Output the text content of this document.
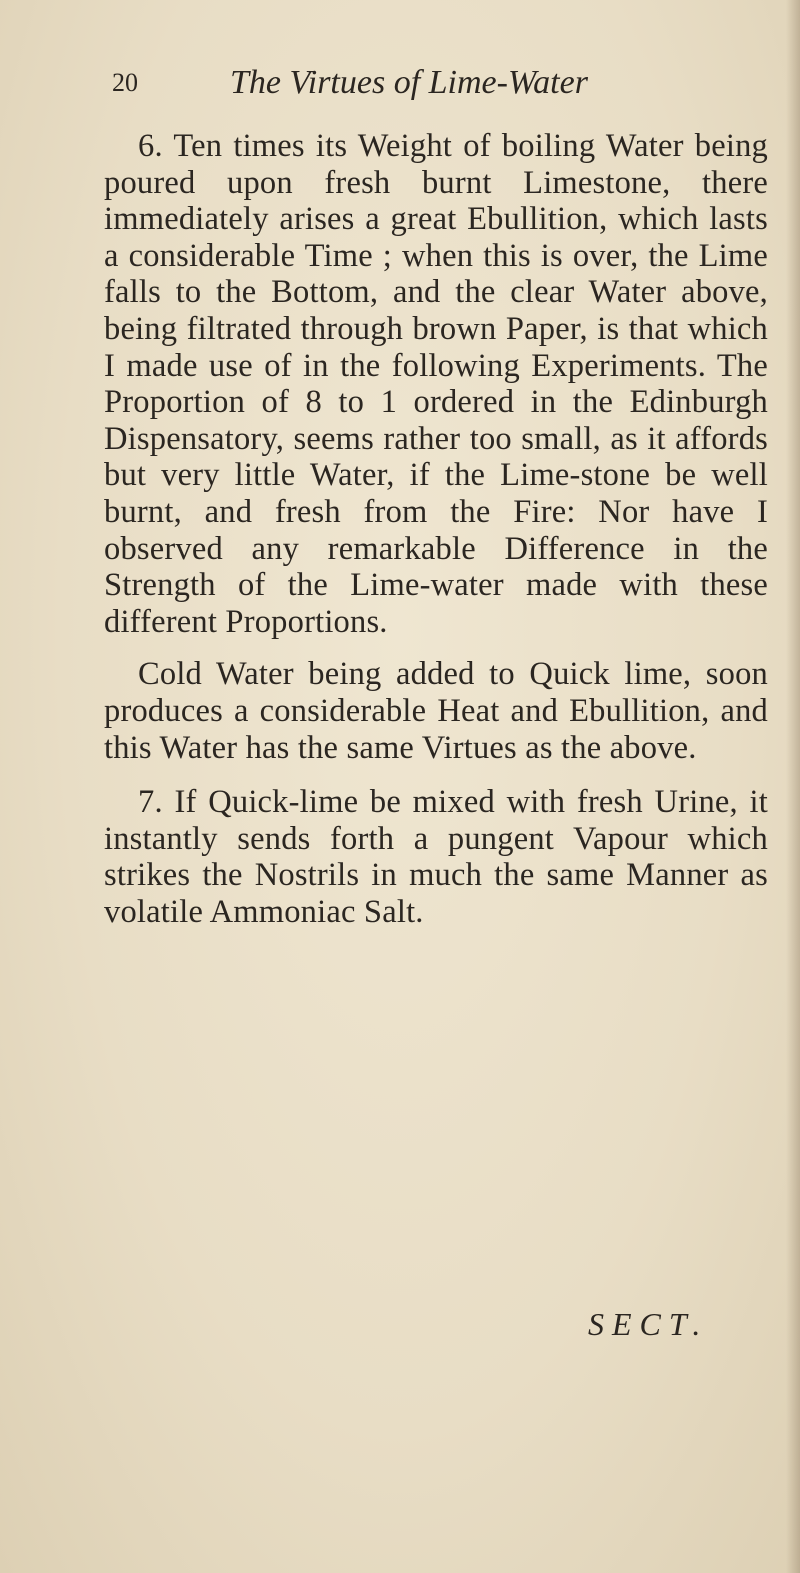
20	The Virtues of Lime-Water

6. Ten times its Weight of boiling Water being poured upon fresh burnt Limestone, there immediately arises a great Ebullition, which lasts a considerable Time ; when this is over, the Lime falls to the Bottom, and the clear Water above, being filtrated through brown Paper, is that which I made use of in the following Experiments. The Proportion of 8 to 1 ordered in the Edinburgh Dispensatory, seems rather too small, as it affords but very little Water, if the Lime-stone be well burnt, and fresh from the Fire: Nor have I observed any remarkable Difference in the Strength of the Lime-water made with these different Proportions.

Cold Water being added to Quick lime, soon produces a considerable Heat and Ebullition, and this Water has the same Virtues as the above.

7. If Quick-lime be mixed with fresh Urine, it instantly sends forth a pungent Vapour which strikes the Nostrils in much the same Manner as volatile Ammoniac Salt.

SECT.
